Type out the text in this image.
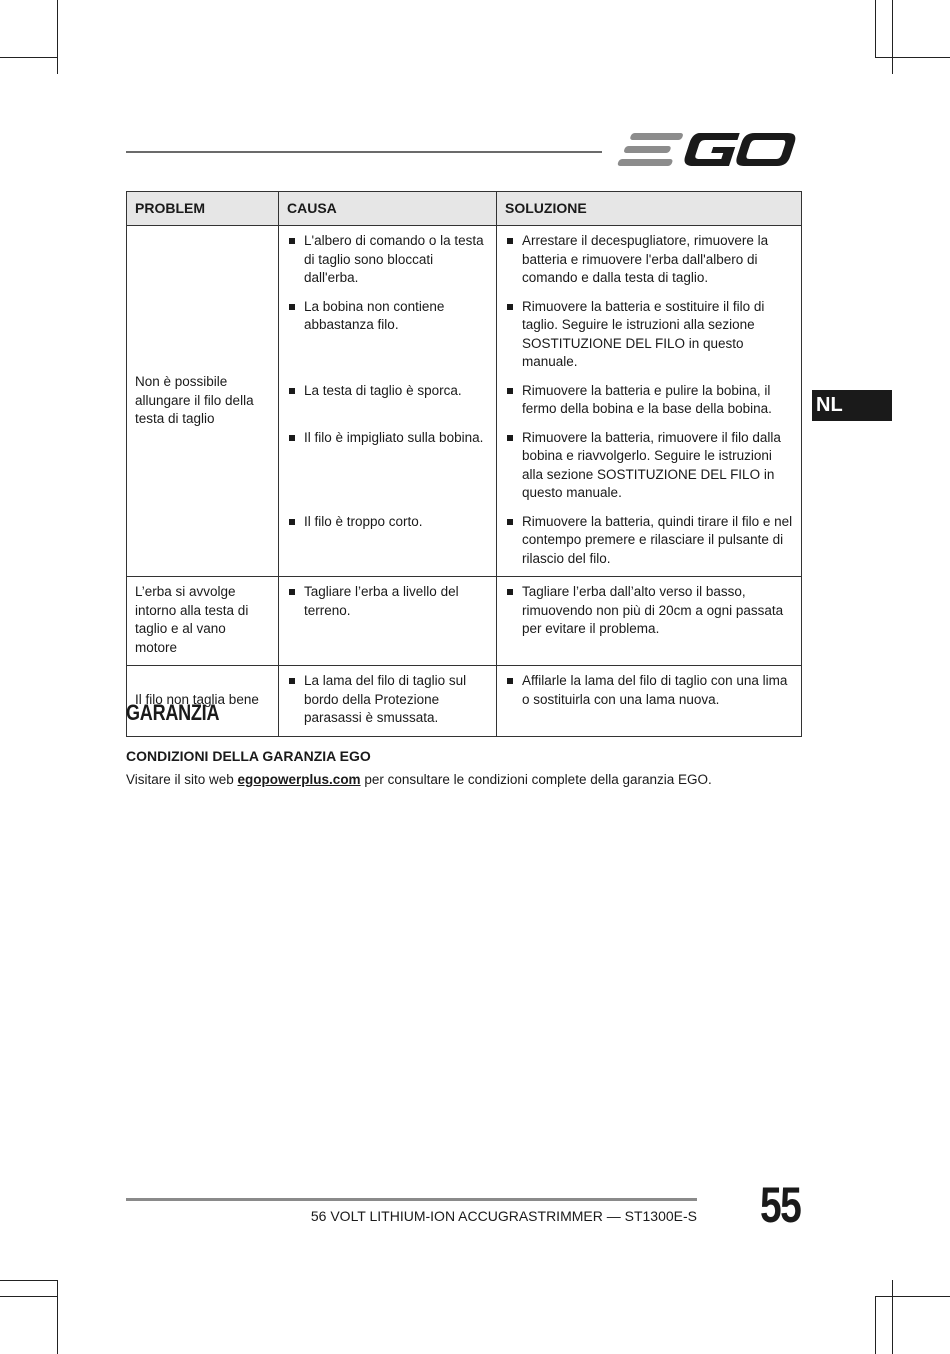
NL
PROBLEM	CAUSA	SOLUZIONE
Non è possibile allungare il filo della testa di taglio	L'albero di comando o la testa di taglio sono bloccati dall'erba.	Arrestare il decespugliatore, rimuovere la batteria e rimuovere l'erba dall'albero di comando e dalla testa di taglio.

	La bobina non contiene abbastanza filo.	Rimuovere la batteria e sostituire il filo di taglio. Seguire le istruzioni alla sezione SOSTITUZIONE DEL FILO in questo manuale.

	La testa di taglio è sporca.	Rimuovere la batteria e pulire la bobina, il fermo della bobina e la base della bobina.

	Il filo è impigliato sulla bobina.	Rimuovere la batteria, rimuovere il filo dalla bobina e riavvolgerlo. Seguire le istruzioni alla sezione SOSTITUZIONE DEL FILO in questo manuale.

	Il filo è troppo corto.	Rimuovere la batteria, quindi tirare il filo e nel contempo premere e rilasciare il pulsante di rilascio del filo.

L’erba si avvolge intorno alla testa di taglio e al vano motore	Tagliare l’erba a livello del terreno.	Tagliare l’erba dall’alto verso il basso, rimuovendo non più di 20cm a ogni passata per evitare il problema.

Il filo non taglia bene	La lama del filo di taglio sul bordo della Protezione parasassi è smussata.	Affilarle la lama del filo di taglio con una lima o sostituirla con una lama nuova.
GARANZIA
CONDIZIONI DELLA GARANZIA EGO

Visitare il sito web egopowerplus.com per consultare le condizioni complete della garanzia EGO.

56 VOLT LITHIUM-ION ACCUGRASTRIMMER — ST1300E-S 55
